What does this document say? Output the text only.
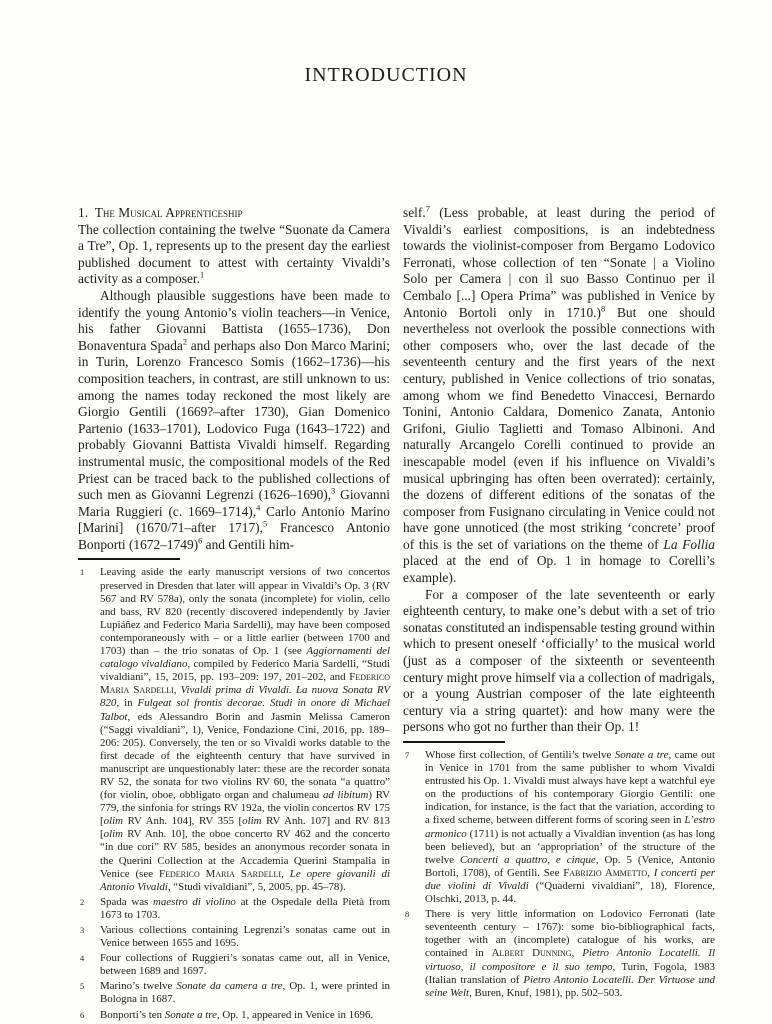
INTRODUCTION

1. The Musical Apprenticeship

The collection containing the twelve “Suonate da Camera a Tre”, Op. 1, represents up to the present day the earliest published document to attest with certainty Vivaldi’s activity as a composer.$^1$

Although plausible suggestions have been made to identify the young Antonio’s violin teachers—in Venice, his father Giovanni Battista (1655–1736), Don Bonaventura Spada$^2$ and perhaps also Don Marco Marini; in Turin, Lorenzo Francesco Somis (1662–1736)—his composition teachers, in contrast, are still unknown to us: among the names today reckoned the most likely are Giorgio Gentili (1669?–after 1730), Gian Domenico Partenio (1633–1701), Lodovico Fuga (1643–1722) and probably Giovanni Battista Vivaldi himself. Regarding instrumental music, the compositional models of the Red Priest can be traced back to the published collections of such men as Giovanni Legrenzi (1626–1690),$^3$ Giovanni Maria Ruggieri (c. 1669–1714),$^4$ Carlo Antonio Marino [Marini] (1670/71–after 1717),$^5$ Francesco Antonio Bonporti (1672–1749)$^6$ and Gentili him-

1	Leaving aside the early manuscript versions of two concertos preserved in Dresden that later will appear in Vivaldi’s Op. 3 (RV 567 and RV 578a), only the sonata (incomplete) for violin, cello and bass, RV 820 (recently discovered independently by Javier Lupiáñez and Federico Maria Sardelli), may have been composed contemporaneously with – or a little earlier (between 1700 and 1703) than – the trio sonatas of Op. 1 (see Aggiornamenti del catalogo vivaldiano, compiled by Federico Maria Sardelli, “Studi vivaldiani”, 15, 2015, pp. 193–209: 197, 201–202, and Federico Maria Sardelli, Vivaldi prima di Vivaldi. La nuova Sonata RV 820, in Fulgeat sol frontis decorae. Studi in onore di Michael Talbot, eds Alessandro Borin and Jasmin Melissa Cameron (“Saggi vivaldiani”, 1), Venice, Fondazione Cini, 2016, pp. 189–206: 205). Conversely, the ten or so Vivaldi works datable to the first decade of the eighteenth century that have survived in manuscript are unquestionably later: these are the recorder sonata RV 52, the sonata for two violins RV 60, the sonata “a quattro” (for violin, oboe, obbligato organ and chalumeau ad libitum) RV 779, the sinfonia for strings RV 192a, the violin concertos RV 175 [olim RV Anh. 104], RV 355 [olim RV Anh. 107] and RV 813 [olim RV Anh. 10], the oboe concerto RV 462 and the concerto “in due cori” RV 585, besides an anonymous recorder sonata in the Querini Collection at the Accademia Querini Stampalia in Venice (see Federico Maria Sardelli, Le opere giovanili di Antonio Vivaldi, “Studi vivaldiani”, 5, 2005, pp. 45–78).
2	Spada was maestro di violino at the Ospedale della Pietà from 1673 to 1703.
3	Various collections containing Legrenzi’s sonatas came out in Venice between 1655 and 1695.
4	Four collections of Ruggieri’s sonatas came out, all in Venice, between 1689 and 1697.
5	Marino’s twelve Sonate da camera a tre, Op. 1, were printed in Bologna in 1687.
6	Bonporti’s ten Sonate a tre, Op. 1, appeared in Venice in 1696.

self.$^7$ (Less probable, at least during the period of Vivaldi’s earliest compositions, is an indebtedness towards the violinist-composer from Bergamo Lodovico Ferronati, whose collection of ten “Sonate | a Violino Solo per Camera | con il suo Basso Continuo per il Cembalo [...] Opera Prima” was published in Venice by Antonio Bortoli only in 1710.)$^8$ But one should nevertheless not overlook the possible connections with other composers who, over the last decade of the seventeenth century and the first years of the next century, published in Venice collections of trio sonatas, among whom we find Benedetto Vinaccesi, Bernardo Tonini, Antonio Caldara, Domenico Zanata, Antonio Grifoni, Giulio Taglietti and Tomaso Albinoni. And naturally Arcangelo Corelli continued to provide an inescapable model (even if his influence on Vivaldi’s musical upbringing has often been overrated): certainly, the dozens of different editions of the sonatas of the composer from Fusignano circulating in Venice could not have gone unnoticed (the most striking ‘concrete’ proof of this is the set of variations on the theme of La Follia placed at the end of Op. 1 in homage to Corelli’s example).

For a composer of the late seventeenth or early eighteenth century, to make one’s debut with a set of trio sonatas constituted an indispensable testing ground within which to present oneself ‘officially’ to the musical world (just as a composer of the sixteenth or seventeenth century might prove himself via a collection of madrigals, or a young Austrian composer of the late eighteenth century via a string quartet): and how many were the persons who got no further than their Op. 1!

7	Whose first collection, of Gentili’s twelve Sonate a tre, came out in Venice in 1701 from the same publisher to whom Vivaldi entrusted his Op. 1. Vivaldi must always have kept a watchful eye on the productions of his contemporary Giorgio Gentili: one indication, for instance, is the fact that the variation, according to a fixed scheme, between different forms of scoring seen in L’estro armonico (1711) is not actually a Vivaldian invention (as has long been believed), but an ‘appropriation’ of the structure of the twelve Concerti a quattro, e cinque, Op. 5 (Venice, Antonio Bortoli, 1708), of Gentili. See Fabrizio Ammetto, I concerti per due violini di Vivaldi (“Quaderni vivaldiani”, 18), Florence, Olschki, 2013, p. 44.
8	There is very little information on Lodovico Ferronati (late seventeenth century – 1767): some bio-bibliographical facts, together with an (incomplete) catalogue of his works, are contained in Albert Dunning, Pietro Antonio Locatelli. Il virtuoso, il compositore e il suo tempo, Turin, Fogola, 1983 (Italian translation of Pietro Antonio Locatelli. Der Virtuose und seine Welt, Buren, Knuf, 1981), pp. 502–503.
